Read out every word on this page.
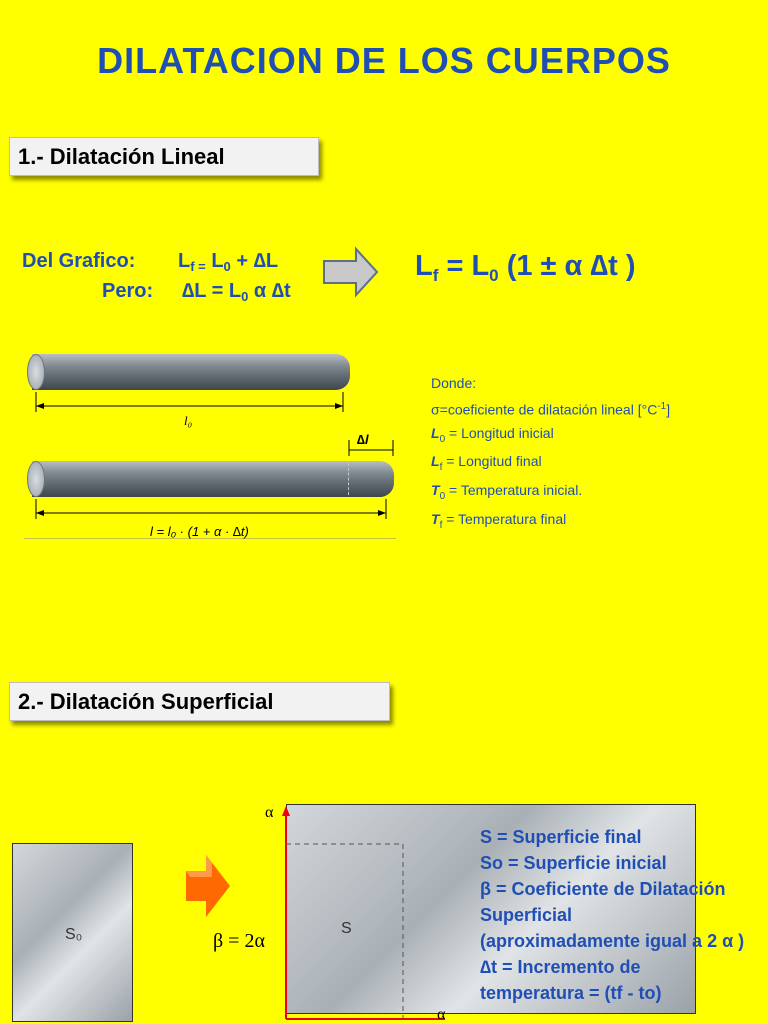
DILATACION DE LOS CUERPOS
1.- Dilatación Lineal
Del Grafico: $L_{f =}$ $L_0 + \Delta L$
Pero: $\Delta L = L_0$ α ∆t
$L_f = L_0$ (1 ± α ∆t )
l₀
∆l
l = l₀ · (1 + α · ∆t)
Donde:
σ=coeficiente de dilatación lineal $[^\circ C^{-1}]$
$L_0$ = Longitud inicial
$L_f$ = Longitud final
$T_0$ = Temperatura inicial.
$T_f$ = Temperatura final
2.- Dilatación Superficial
S₀	β = 2α
α
S
α
S = Superficie final
So = Superficie inicial
β = Coeficiente de Dilatación
Superficial
(aproximadamente igual a 2 α )
∆t = Incremento de
temperatura = (tf - to)
